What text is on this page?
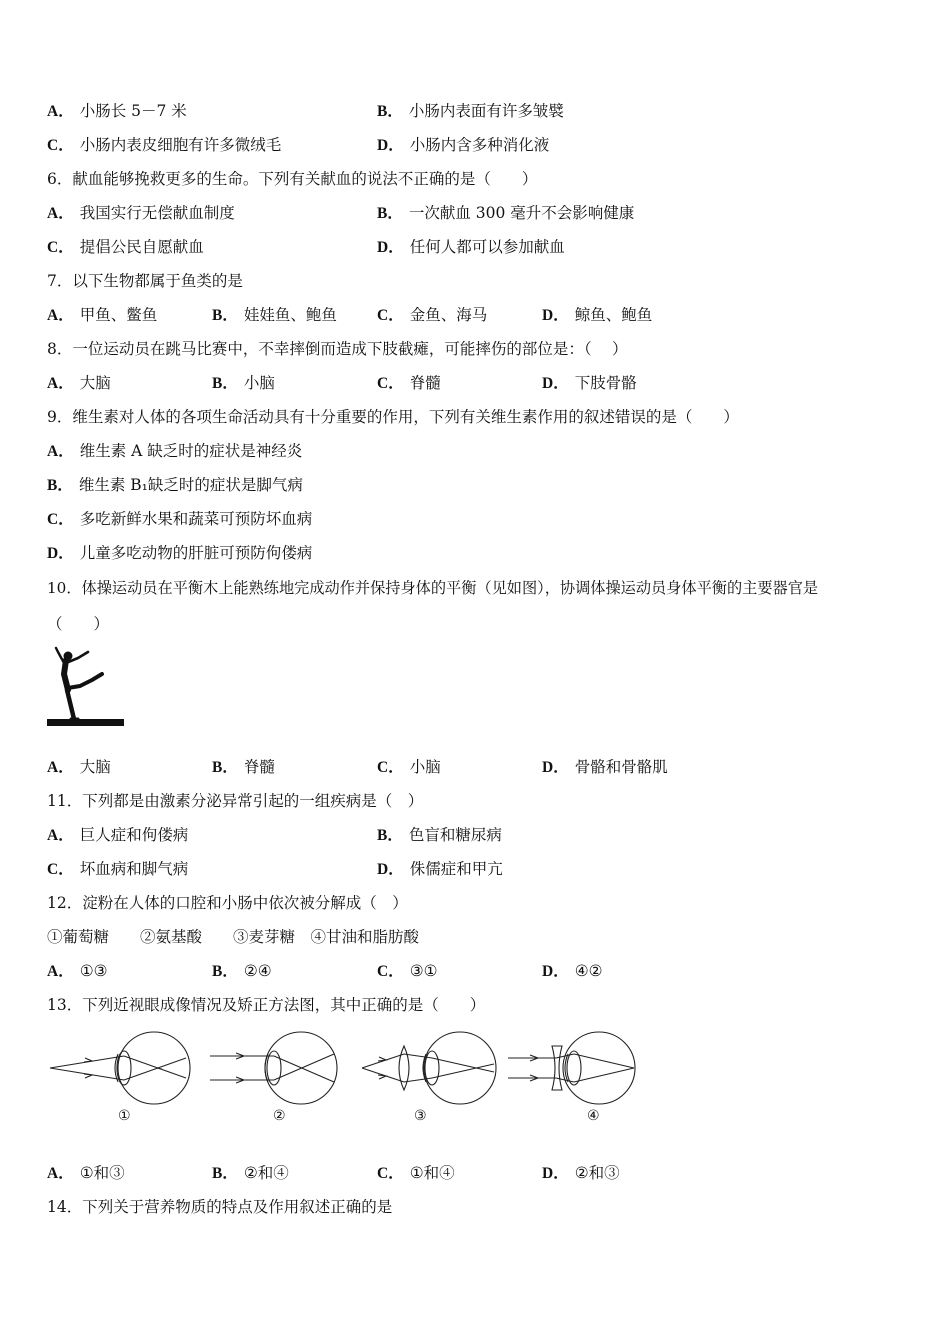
A． 小肠长 5－7 米	B． 小肠内表面有许多皱襞
C． 小肠内表皮细胞有许多微绒毛	D． 小肠内含多种消化液
6．献血能够挽救更多的生命。下列有关献血的说法不正确的是（　　）
A． 我国实行无偿献血制度	B． 一次献血 300 毫升不会影响健康
C． 提倡公民自愿献血	D． 任何人都可以参加献血
7．以下生物都属于鱼类的是
A． 甲鱼、鳖鱼	B． 娃娃鱼、鲍鱼	C． 金鱼、海马	D． 鲸鱼、鲍鱼
8．一位运动员在跳马比赛中，不幸摔倒而造成下肢截瘫，可能摔伤的部位是：（　 ）
A． 大脑	B． 小脑	C． 脊髓	D． 下肢骨骼
9．维生素对人体的各项生命活动具有十分重要的作用，下列有关维生素作用的叙述错误的是（　　）
A． 维生素 A 缺乏时的症状是神经炎
B． 维生素 B₁缺乏时的症状是脚气病
C． 多吃新鲜水果和蔬菜可预防坏血病
D． 儿童多吃动物的肝脏可预防佝偻病
10．体操运动员在平衡木上能熟练地完成动作并保持身体的平衡（见如图），协调体操运动员身体平衡的主要器官是
（　　）
A． 大脑	B． 脊髓	C． 小脑	D． 骨骼和骨骼肌
11．下列都是由激素分泌异常引起的一组疾病是（　）
A． 巨人症和佝偻病	B． 色盲和糖尿病
C． 坏血病和脚气病	D． 侏儒症和甲亢
12．淀粉在人体的口腔和小肠中依次被分解成（　）
①葡萄糖　　②氨基酸　　③麦芽糖　④甘油和脂肪酸
A． ①③	B． ②④	C． ③①	D． ④②
13．下列近视眼成像情况及矫正方法图，其中正确的是（　　）
①	②	③	④
A． ①和③	B． ②和④	C． ①和④	D． ②和③
14．下列关于营养物质的特点及作用叙述正确的是
